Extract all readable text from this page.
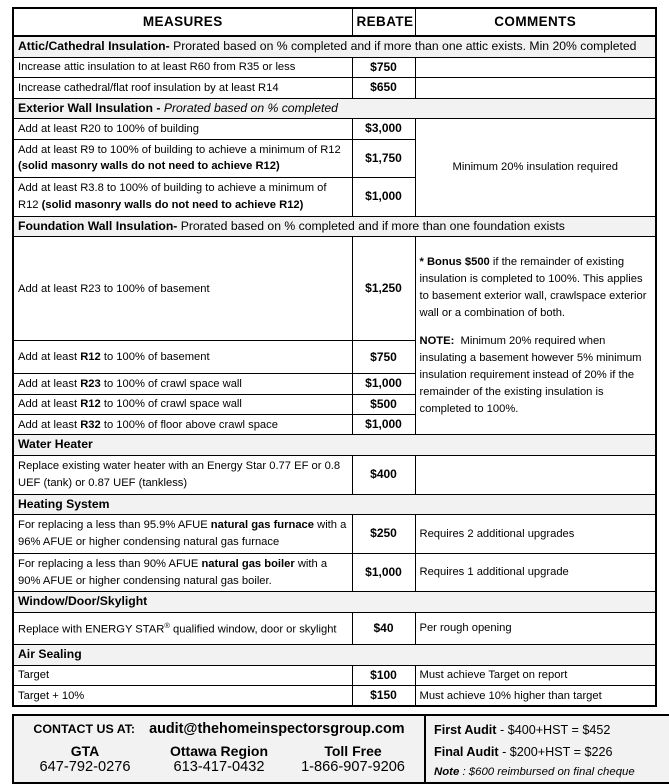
MEASURES	REBATE	COMMENTS
Attic/Cathedral Insulation- Prorated based on % completed and if more than one attic exists. Min 20% completed		
Increase attic insulation to at least R60 from R35 or less	$750	
Increase cathedral/flat roof insulation by at least R14	$650	
Exterior Wall Insulation - Prorated based on % completed		
Add at least R20 to 100% of building	$3,000	Minimum 20% insulation required
Add at least R9 to 100% of building to achieve a minimum of R12 (solid masonry walls do not need to achieve R12)	$1,750	
Add at least R3.8 to 100% of building to achieve a minimum of R12 (solid masonry walls do not need to achieve R12)	$1,000	
Foundation Wall Insulation- Prorated based on % completed and if more than one foundation exists		
Add at least R23 to 100% of basement	$1,250	* Bonus $500 if the remainder of existing insulation is completed to 100%. This applies to basement exterior wall, crawlspace exterior wall or a combination of both.

NOTE:  Minimum 20% required when insulating a basement however 5% minimum insulation requirement instead of 20% if the remainder of the existing insulation is completed to 100%.

Add at least R12 to 100% of basement	$750	
Add at least R23 to 100% of crawl space wall	$1,000	
Add at least R12 to 100% of crawl space wall	$500	
Add at least R32 to 100% of floor above crawl space	$1,000	
Water Heater		
Replace existing water heater with an Energy Star 0.77 EF or 0.8 UEF (tank) or 0.87 UEF (tankless)	$400	
Heating System		
For replacing a less than 95.9% AFUE natural gas furnace with a 96% AFUE or higher condensing natural gas furnace	$250	Requires 2 additional upgrades
For replacing a less than 90% AFUE natural gas boiler with a 90% AFUE or higher condensing natural gas boiler.	$1,000	Requires 1 additional upgrade
Window/Door/Skylight		
Replace with ENERGY STAR® qualified window, door or skylight	$40	Per rough opening
Air Sealing		
Target	$100	Must achieve Target on report
Target + 10%	$150	Must achieve 10% higher than target
CONTACT US AT: audit@thehomeinspectorsgroup.com
GTA	Ottawa Region	Toll Free
647-792-0276	613-417-0432	1-866-907-9206

First Audit - $400+HST = $452
Final Audit - $200+HST = $226
Note : $600 reimbursed on final cheque
